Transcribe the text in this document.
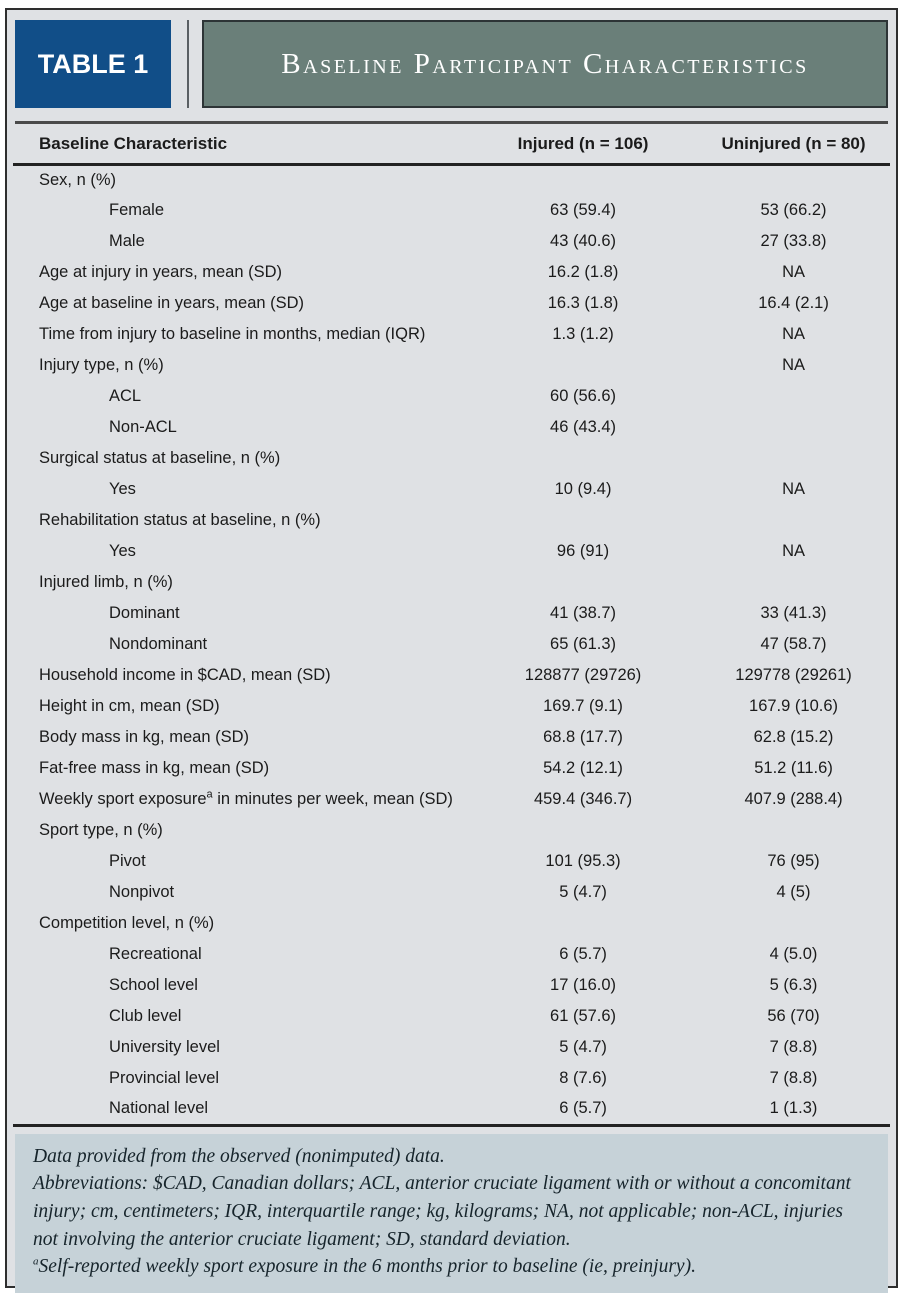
TABLE 1	Baseline Participant Characteristics
Baseline Characteristic	Injured (n = 106)	Uninjured (n = 80)
Sex, n (%)		
Female	63 (59.4)	53 (66.2)
Male	43 (40.6)	27 (33.8)
Age at injury in years, mean (SD)	16.2 (1.8)	NA
Age at baseline in years, mean (SD)	16.3 (1.8)	16.4 (2.1)
Time from injury to baseline in months, median (IQR)	1.3 (1.2)	NA
Injury type, n (%)		NA
ACL	60 (56.6)	
Non-ACL	46 (43.4)	
Surgical status at baseline, n (%)		
Yes	10 (9.4)	NA
Rehabilitation status at baseline, n (%)		
Yes	96 (91)	NA
Injured limb, n (%)		
Dominant	41 (38.7)	33 (41.3)
Nondominant	65 (61.3)	47 (58.7)
Household income in $CAD, mean (SD)	128877 (29726)	129778 (29261)
Height in cm, mean (SD)	169.7 (9.1)	167.9 (10.6)
Body mass in kg, mean (SD)	68.8 (17.7)	62.8 (15.2)
Fat-free mass in kg, mean (SD)	54.2 (12.1)	51.2 (11.6)
Weekly sport exposure$^a$ in minutes per week, mean (SD)	459.4 (346.7)	407.9 (288.4)
Sport type, n (%)		
Pivot	101 (95.3)	76 (95)
Nonpivot	5 (4.7)	4 (5)
Competition level, n (%)		
Recreational	6 (5.7)	4 (5.0)
School level	17 (16.0)	5 (6.3)
Club level	61 (57.6)	56 (70)
University level	5 (4.7)	7 (8.8)
Provincial level	8 (7.6)	7 (8.8)
National level	6 (5.7)	1 (1.3)
Data provided from the observed (nonimputed) data.
Abbreviations: $CAD, Canadian dollars; ACL, anterior cruciate ligament with or without a concomitant injury; cm, centimeters; IQR, interquartile range; kg, kilograms; NA, not applicable; non-ACL, injuries not involving the anterior cruciate ligament; SD, standard deviation.
$^a$Self-reported weekly sport exposure in the 6 months prior to baseline (ie, preinjury).
